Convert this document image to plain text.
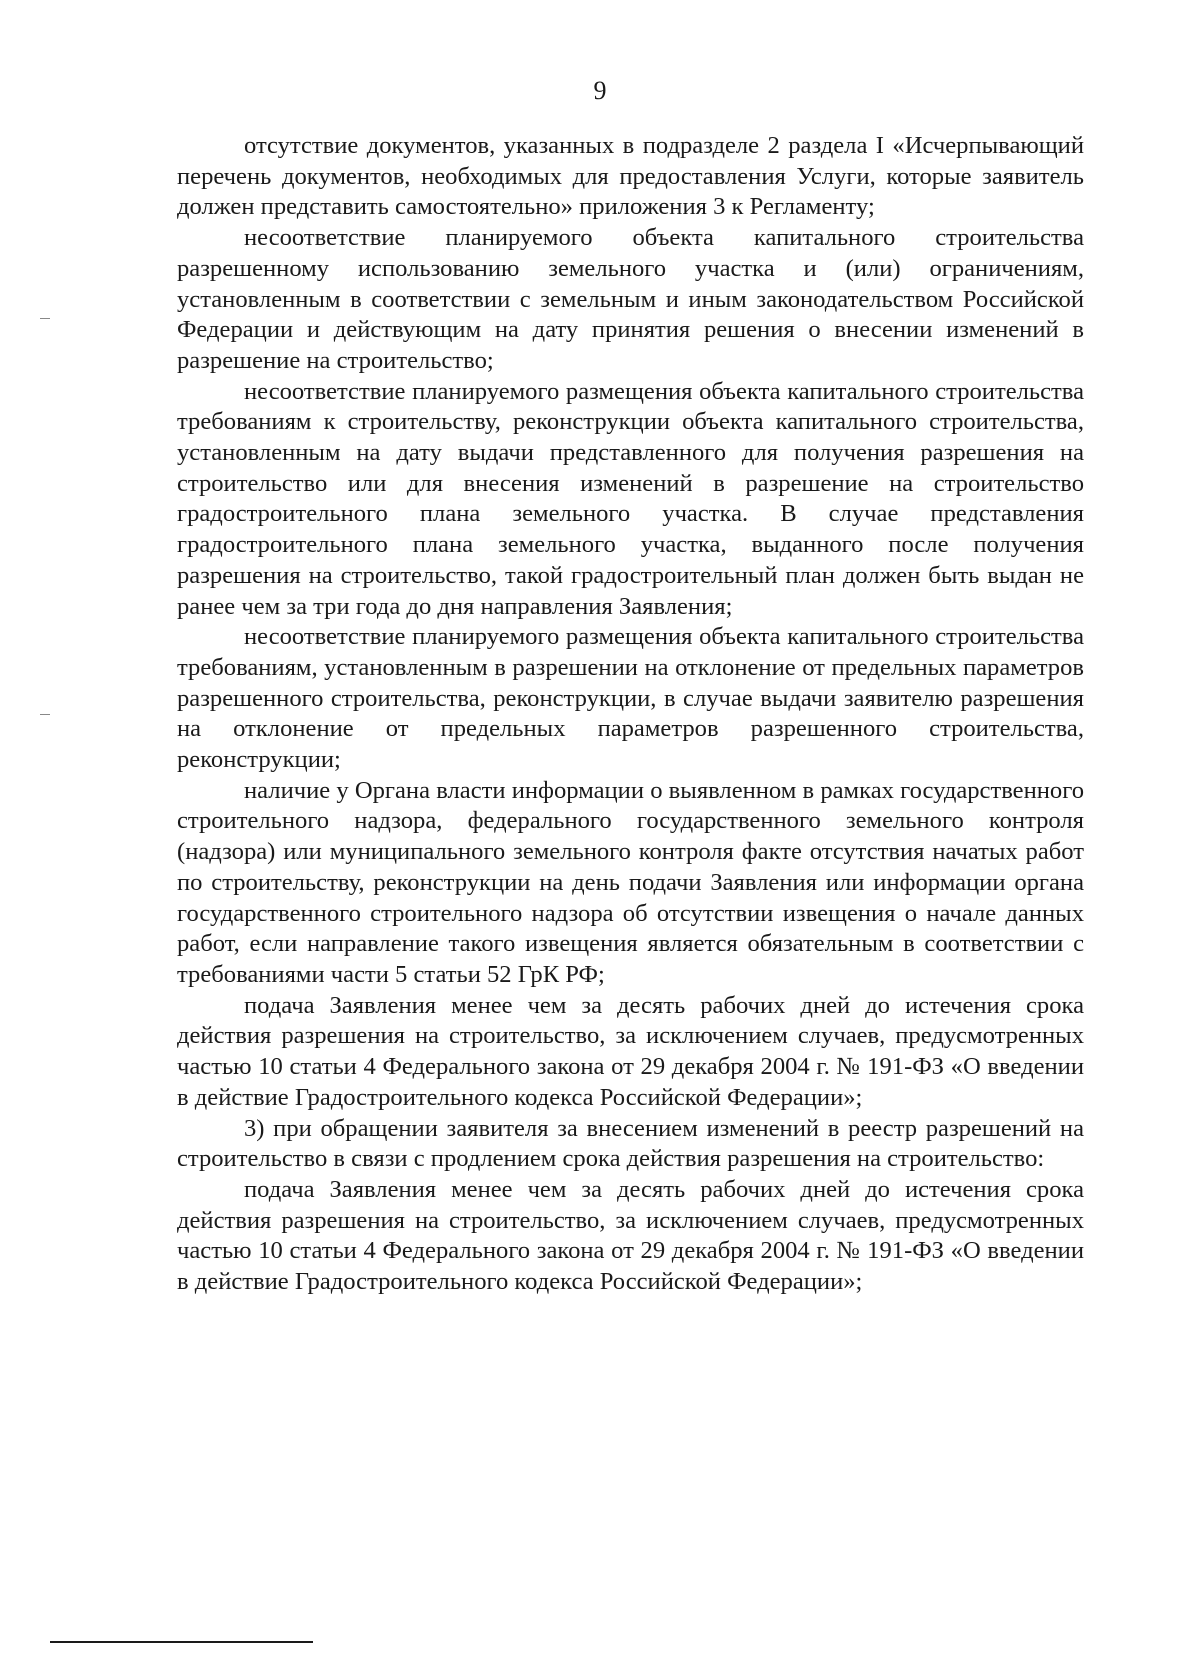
9

отсутствие документов, указанных в подразделе 2 раздела I «Исчерпывающий перечень документов, необходимых для предоставления Услуги, которые заявитель должен представить самостоятельно» приложения 3 к Регламенту;

несоответствие планируемого объекта капитального строительства разрешенному использованию земельного участка и (или) ограничениям, установленным в соответствии с земельным и иным законодательством Российской Федерации и действующим на дату принятия решения о внесении изменений в разрешение на строительство;

несоответствие планируемого размещения объекта капитального строительства требованиям к строительству, реконструкции объекта капитального строительства, установленным на дату выдачи представленного для получения разрешения на строительство или для внесения изменений в разрешение на строительство градостроительного плана земельного участка. В случае представления градостроительного плана земельного участка, выданного после получения разрешения на строительство, такой градостроительный план должен быть выдан не ранее чем за три года до дня направления Заявления;

несоответствие планируемого размещения объекта капитального строительства требованиям, установленным в разрешении на отклонение от предельных параметров разрешенного строительства, реконструкции, в случае выдачи заявителю разрешения на отклонение от предельных параметров разрешенного строительства, реконструкции;

наличие у Органа власти информации о выявленном в рамках государственного строительного надзора, федерального государственного земельного контроля (надзора) или муниципального земельного контроля факте отсутствия начатых работ по строительству, реконструкции на день подачи Заявления или информации органа государственного строительного надзора об отсутствии извещения о начале данных работ, если направление такого извещения является обязательным в соответствии с требованиями части 5 статьи 52 ГрК РФ;

подача Заявления менее чем за десять рабочих дней до истечения срока действия разрешения на строительство, за исключением случаев, предусмотренных частью 10 статьи 4 Федерального закона от 29 декабря 2004 г. № 191-ФЗ «О введении в действие Градостроительного кодекса Российской Федерации»;

3) при обращении заявителя за внесением изменений в реестр разрешений на строительство в связи с продлением срока действия разрешения на строительство:

подача Заявления менее чем за десять рабочих дней до истечения срока действия разрешения на строительство, за исключением случаев, предусмотренных частью 10 статьи 4 Федерального закона от 29 декабря 2004 г. № 191-ФЗ «О введении в действие Градостроительного кодекса Российской Федерации»;
